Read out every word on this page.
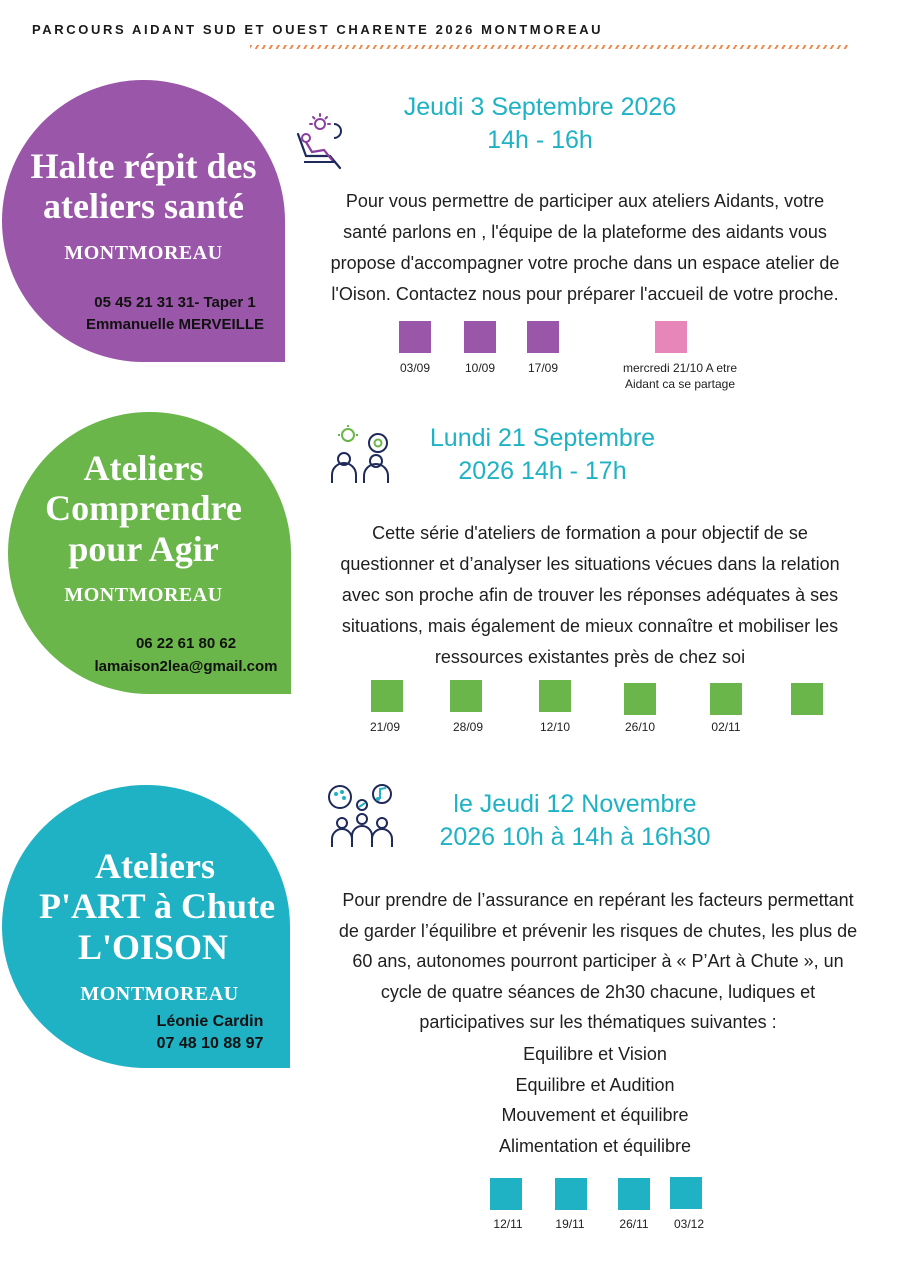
PARCOURS AIDANT SUD ET OUEST CHARENTE 2026 MONTMOREAU
Halte répit des
ateliers santé
MONTMOREAU
05 45 21 31 31- Taper 1
Emmanuelle MERVEILLE
Jeudi 3 Septembre 2026
14h - 16h
Pour vous permettre de participer aux ateliers Aidants, votre
santé parlons en , l'équipe de la plateforme des aidants vous
propose d'accompagner votre proche dans un espace atelier de
l'Oison. Contactez nous pour préparer l'accueil de votre proche.
03/09	10/09	17/09	mercredi 21/10 A etre Aidant ca se partage
Ateliers
Comprendre
pour Agir
MONTMOREAU
06 22 61 80 62
lamaison2lea@gmail.com
Lundi 21 Septembre
2026 14h - 17h
Cette série d'ateliers de formation a pour objectif de se
questionner et d’analyser les situations vécues dans la relation
avec son proche afin de trouver les réponses adéquates à ses
situations, mais également de mieux connaître et mobiliser les
ressources existantes près de chez soi
21/09	28/09	12/10	26/10	02/11
Ateliers
P'ART à Chute
L'OISON
MONTMOREAU
Léonie Cardin
07 48 10 88 97
le Jeudi 12 Novembre
2026 10h à 14h à 16h30
Pour prendre de l’assurance en repérant les facteurs permettant
de garder l’équilibre et prévenir les risques de chutes, les plus de
60 ans, autonomes pourront participer à « P’Art à Chute », un
cycle de quatre séances de 2h30 chacune, ludiques et
participatives sur les thématiques suivantes :
Equilibre et Vision
Equilibre et Audition
Mouvement et équilibre
Alimentation et équilibre
12/11	19/11	26/11	03/12
